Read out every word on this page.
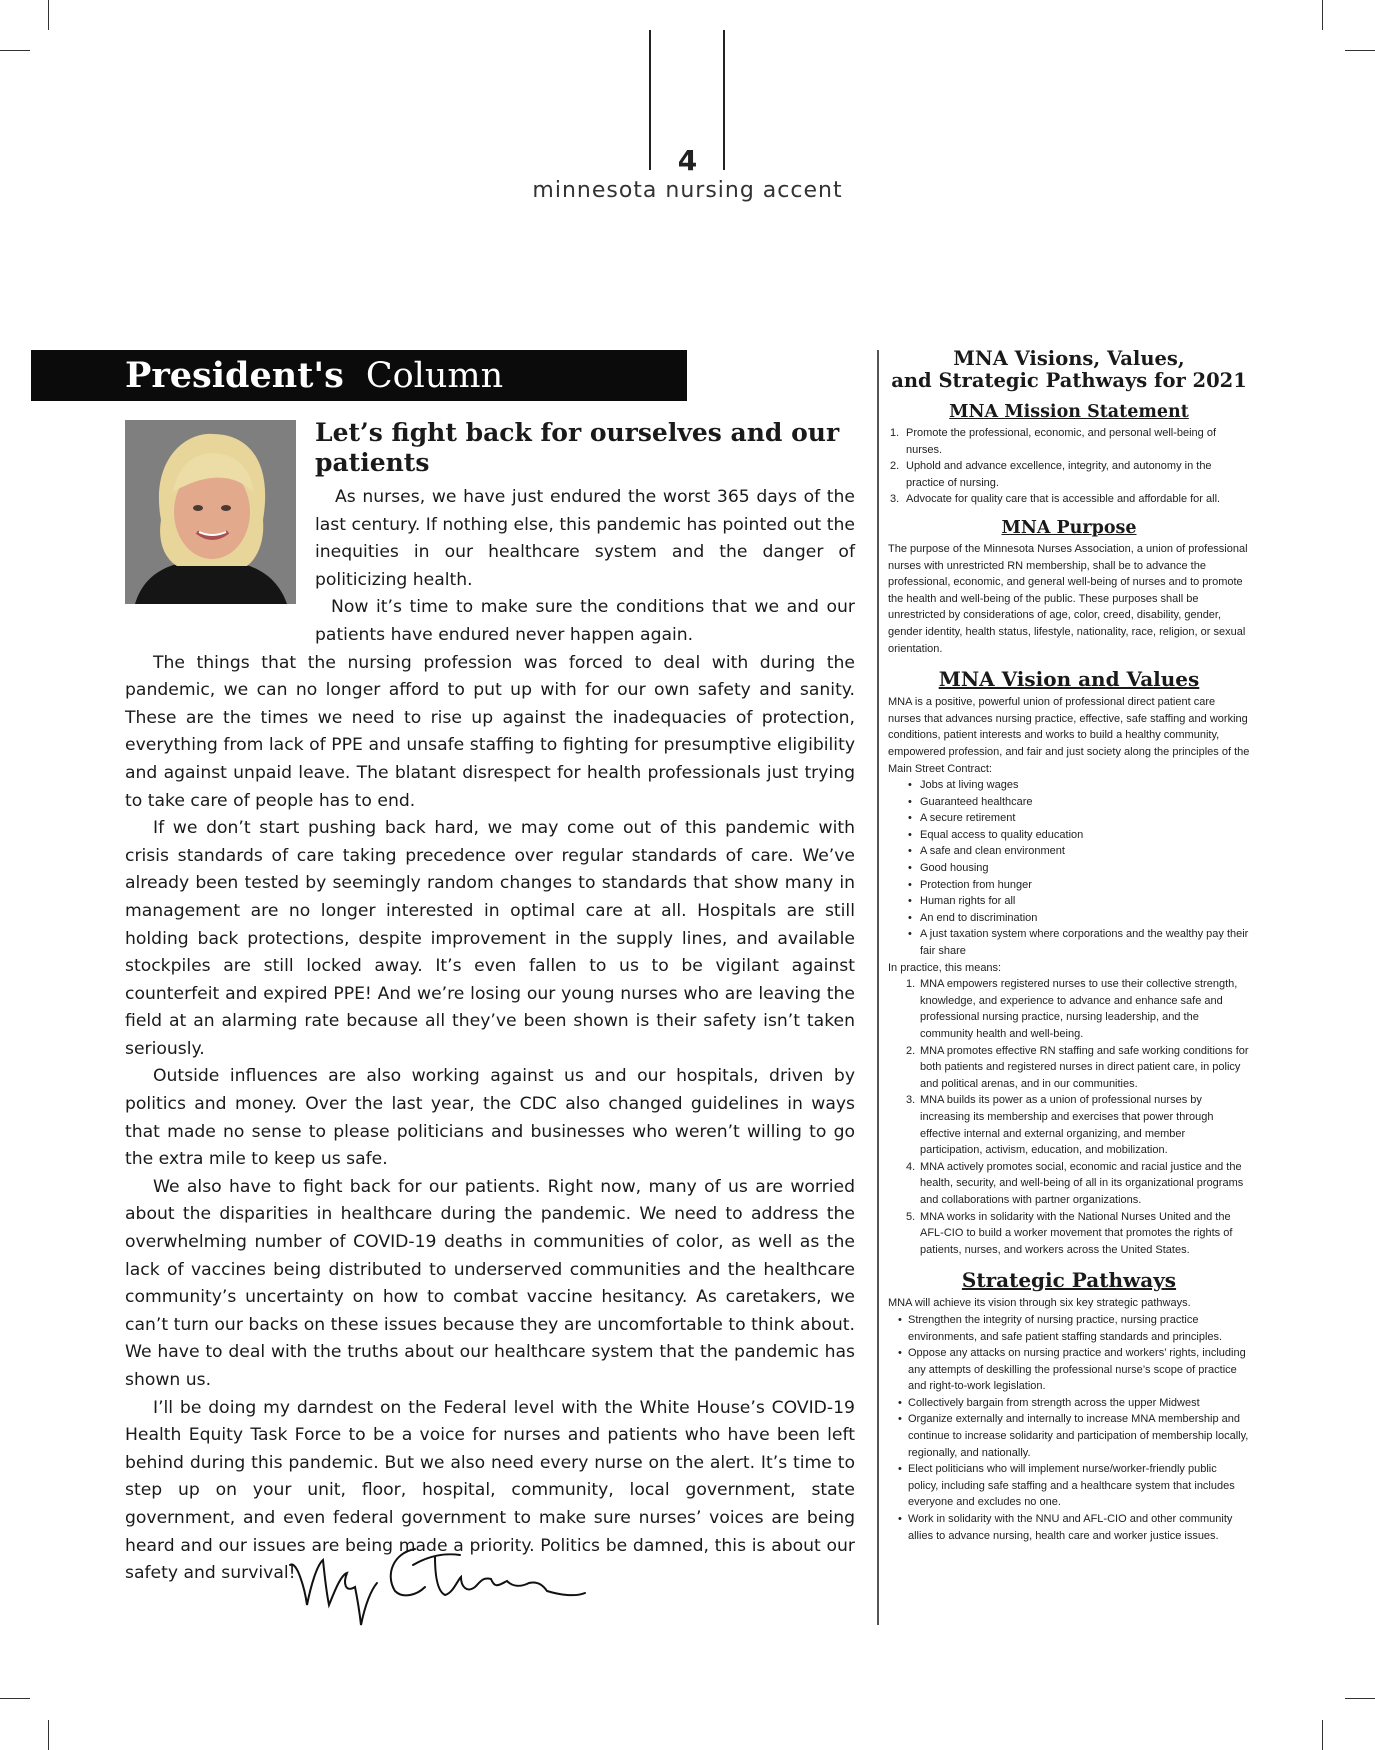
4
minnesota nursing accent
President's Column
Let’s fight back for ourselves and our patients

As nurses, we have just endured the worst 365 days of the last century. If nothing else, this pandemic has pointed out the inequities in our healthcare system and the danger of politicizing health.

Now it’s time to make sure the conditions that we and our patients have endured never happen again.

The things that the nursing profession was forced to deal with during the pandemic, we can no longer afford to put up with for our own safety and sanity. These are the times we need to rise up against the inadequacies of protection, everything from lack of PPE and unsafe staffing to fighting for presumptive eligibility and against unpaid leave. The blatant disrespect for health professionals just trying to take care of people has to end.

If we don’t start pushing back hard, we may come out of this pandemic with crisis standards of care taking precedence over regular standards of care. We’ve already been tested by seemingly random changes to standards that show many in management are no longer interested in optimal care at all. Hospitals are still holding back protections, despite improvement in the supply lines, and available stockpiles are still locked away. It’s even fallen to us to be vigilant against counterfeit and expired PPE! And we’re losing our young nurses who are leaving the field at an alarming rate because all they’ve been shown is their safety isn’t taken seriously.

Outside influences are also working against us and our hospitals, driven by politics and money. Over the last year, the CDC also changed guidelines in ways that made no sense to please politicians and businesses who weren’t willing to go the extra mile to keep us safe.

We also have to fight back for our patients. Right now, many of us are worried about the disparities in healthcare during the pandemic. We need to address the overwhelming number of COVID-19 deaths in communities of color, as well as the lack of vaccines being distributed to underserved communities and the healthcare community’s uncertainty on how to combat vaccine hesitancy. As caretakers, we can’t turn our backs on these issues because they are uncomfortable to think about. We have to deal with the truths about our healthcare system that the pandemic has shown us.

I’ll be doing my darndest on the Federal level with the White House’s COVID-19 Health Equity Task Force to be a voice for nurses and patients who have been left behind during this pandemic. But we also need every nurse on the alert. It’s time to step up on your unit, floor, hospital, community, local government, state government, and even federal government to make sure nurses’ voices are being heard and our issues are being made a priority. Politics be damned, this is about our safety and survival!

MNA Visions, Values,
and Strategic Pathways for 2021
MNA Mission Statement
1. Promote the professional, economic, and personal well-being of nurses.
2. Uphold and advance excellence, integrity, and autonomy in the practice of nursing.
3. Advocate for quality care that is accessible and affordable for all.
MNA Purpose
The purpose of the Minnesota Nurses Association, a union of professional nurses with unrestricted RN membership, shall be to advance the professional, economic, and general well-being of nurses and to promote the health and well-being of the public. These purposes shall be unrestricted by considerations of age, color, creed, disability, gender, gender identity, health status, lifestyle, nationality, race, religion, or sexual orientation.
MNA Vision and Values
MNA is a positive, powerful union of professional direct patient care nurses that advances nursing practice, effective, safe staffing and working conditions, patient interests and works to build a healthy community, empowered profession, and fair and just society along the principles of the Main Street Contract:
• Jobs at living wages
• Guaranteed healthcare
• A secure retirement
• Equal access to quality education
• A safe and clean environment
• Good housing
• Protection from hunger
• Human rights for all
• An end to discrimination
• A just taxation system where corporations and the wealthy pay their fair share
In practice, this means:
1. MNA empowers registered nurses to use their collective strength, knowledge, and experience to advance and enhance safe and professional nursing practice, nursing leadership, and the community health and well-being.
2. MNA promotes effective RN staffing and safe working conditions for both patients and registered nurses in direct patient care, in policy and political arenas, and in our communities.
3. MNA builds its power as a union of professional nurses by increasing its membership and exercises that power through effective internal and external organizing, and member participation, activism, education, and mobilization.
4. MNA actively promotes social, economic and racial justice and the health, security, and well-being of all in its organizational programs and collaborations with partner organizations.
5. MNA works in solidarity with the National Nurses United and the AFL-CIO to build a worker movement that promotes the rights of patients, nurses, and workers across the United States.
Strategic Pathways
MNA will achieve its vision through six key strategic pathways.
• Strengthen the integrity of nursing practice, nursing practice environments, and safe patient staffing standards and principles.
• Oppose any attacks on nursing practice and workers’ rights, including any attempts of deskilling the professional nurse’s scope of practice and right-to-work legislation.
• Collectively bargain from strength across the upper Midwest
• Organize externally and internally to increase MNA membership and continue to increase solidarity and participation of membership locally, regionally, and nationally.
• Elect politicians who will implement nurse/worker-friendly public policy, including safe staffing and a healthcare system that includes everyone and excludes no one.
• Work in solidarity with the NNU and AFL-CIO and other community allies to advance nursing, health care and worker justice issues.
